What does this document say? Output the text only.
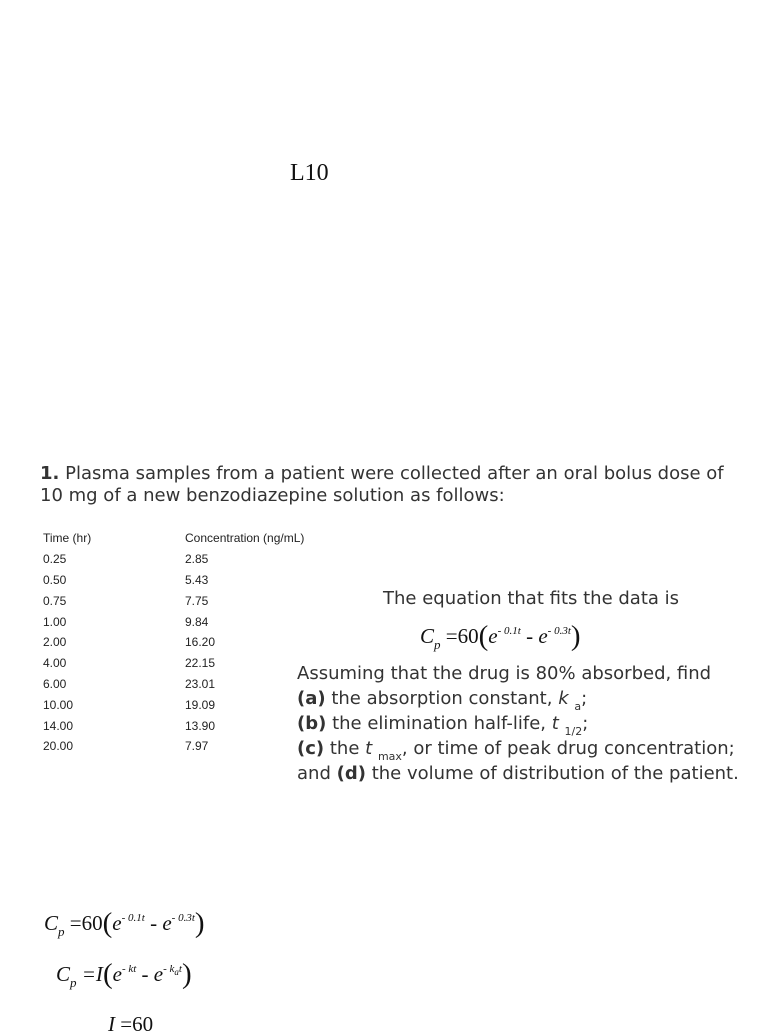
L10
1. Plasma samples from a patient were collected after an oral bolus dose of 10 mg of a new benzodiazepine solution as follows:
Time (hr)	Concentration (ng/mL)
0.25	2.85
0.50	5.43
0.75	7.75
1.00	9.84
2.00	16.20
4.00	22.15
6.00	23.01
10.00	19.09
14.00	13.90
20.00	7.97
The equation that fits the data is
$C_p =60(e^{- 0.1t} - e^{- 0.3t})$
Assuming that the drug is 80% absorbed, find
(a) the absorption constant, k $_a$;
(b) the elimination half-life, t $_{1/2}$;
(c) the t $_{max}$, or time of peak drug concentration;
and (d) the volume of distribution of the patient.
$C_p =60(e^{- 0.1t} - e^{- 0.3t})$
$C_p =I(e^{- kt} - e^{- k_at})$
I =60
